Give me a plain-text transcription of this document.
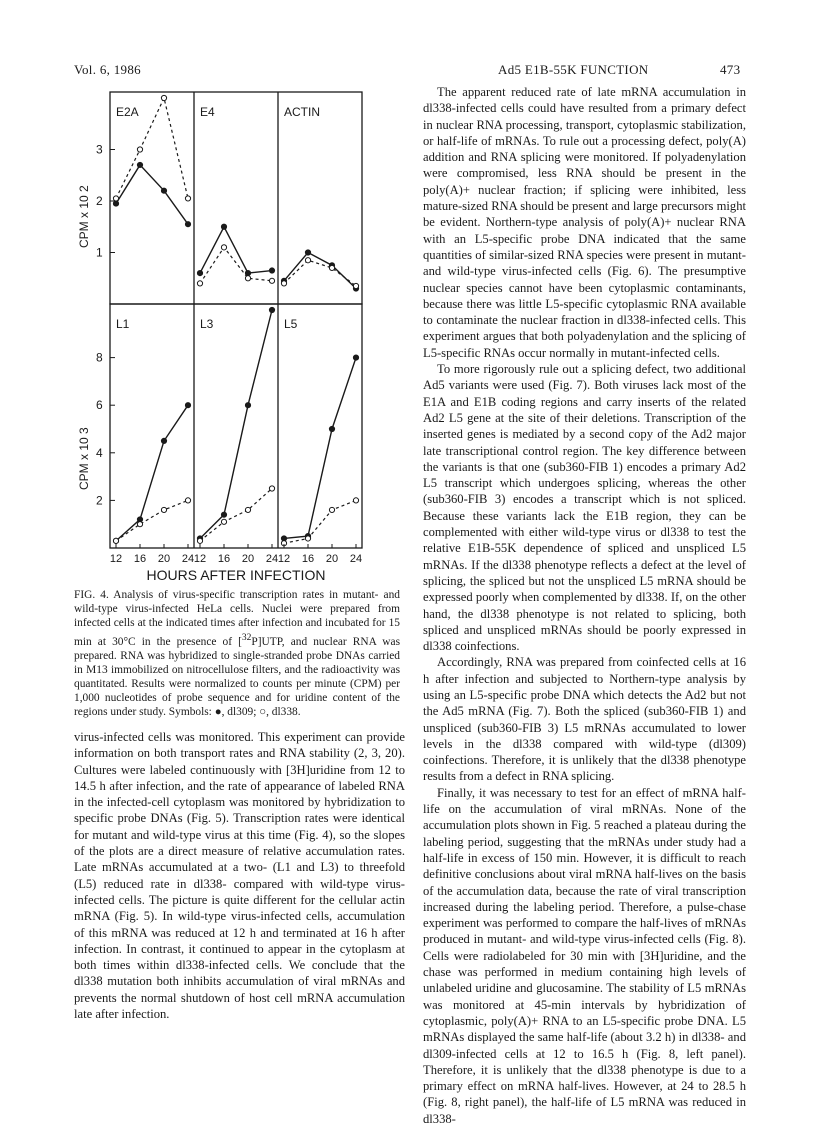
Vol. 6, 1986	Ad5 E1B-55K FUNCTION	473
E2A	E4	ACTIN
L1	L3	L5
1
2
3
2
4
6
8
CPM x 10 2
CPM x 10 3
12 16 20 24 12 16 20 24 12 16 20 24
HOURS AFTER INFECTION
FIG. 4. Analysis of virus-specific transcription rates in mutant- and wild-type virus-infected HeLa cells. Nuclei were prepared from infected cells at the indicated times after infection and incubated for 15 min at 30°C in the presence of [$^{32}$P]UTP, and nuclear RNA was prepared. RNA was hybridized to single-stranded probe DNAs carried in M13 immobilized on nitrocellulose filters, and the radioactivity was quantitated. Results were normalized to counts per minute (CPM) per 1,000 nucleotides of probe sequence and for uridine content of the regions under study. Symbols: ●, dl309; ○, dl338.

virus-infected cells was monitored. This experiment can provide information on both transport rates and RNA stability (2, 3, 20). Cultures were labeled continuously with [3H]uridine from 12 to 14.5 h after infection, and the rate of appearance of labeled RNA in the infected-cell cytoplasm was monitored by hybridization to specific probe DNAs (Fig. 5). Transcription rates were identical for mutant and wild-type virus at this time (Fig. 4), so the slopes of the plots are a direct measure of relative accumulation rates. Late mRNAs accumulated at a two- (L1 and L3) to threefold (L5) reduced rate in dl338- compared with wild-type virus-infected cells. The picture is quite different for the cellular actin mRNA (Fig. 5). In wild-type virus-infected cells, accumulation of this mRNA was reduced at 12 h and terminated at 16 h after infection. In contrast, it continued to appear in the cytoplasm at both times within dl338-infected cells. We conclude that the dl338 mutation both inhibits accumulation of viral mRNAs and prevents the normal shutdown of host cell mRNA accumulation late after infection.

The apparent reduced rate of late mRNA accumulation in dl338-infected cells could have resulted from a primary defect in nuclear RNA processing, transport, cytoplasmic stabilization, or half-life of mRNAs. To rule out a processing defect, poly(A) addition and RNA splicing were monitored. If polyadenylation were compromised, less RNA should be present in the poly(A)+ nuclear fraction; if splicing were inhibited, less mature-sized RNA should be present and large precursors might be evident. Northern-type analysis of poly(A)+ nuclear RNA with an L5-specific probe DNA indicated that the same quantities of similar-sized RNA species were present in mutant- and wild-type virus-infected cells (Fig. 6). The presumptive nuclear species cannot have been cytoplasmic contaminants, because there was little L5-specific cytoplasmic RNA available to contaminate the nuclear fraction in dl338-infected cells. This experiment argues that both polyadenylation and the splicing of L5-specific RNAs occur normally in mutant-infected cells.

To more rigorously rule out a splicing defect, two additional Ad5 variants were used (Fig. 7). Both viruses lack most of the E1A and E1B coding regions and carry inserts of the related Ad2 L5 gene at the site of their deletions. Transcription of the inserted genes is mediated by a second copy of the Ad2 major late transcriptional control region. The key difference between the variants is that one (sub360-FIB 1) encodes a primary Ad2 L5 transcript which undergoes splicing, whereas the other (sub360-FIB 3) encodes a transcript which is not spliced. Because these variants lack the E1B region, they can be complemented with either wild-type virus or dl338 to test the relative E1B-55K dependence of spliced and unspliced L5 mRNAs. If the dl338 phenotype reflects a defect at the level of splicing, the spliced but not the unspliced L5 mRNA should be expressed poorly when complemented by dl338. If, on the other hand, the dl338 phenotype is not related to splicing, both spliced and unspliced mRNAs should be poorly expressed in dl338 coinfections.

Accordingly, RNA was prepared from coinfected cells at 16 h after infection and subjected to Northern-type analysis by using an L5-specific probe DNA which detects the Ad2 but not the Ad5 mRNA (Fig. 7). Both the spliced (sub360-FIB 1) and unspliced (sub360-FIB 3) L5 mRNAs accumulated to lower levels in the dl338 compared with wild-type (dl309) coinfections. Therefore, it is unlikely that the dl338 phenotype results from a defect in RNA splicing.

Finally, it was necessary to test for an effect of mRNA half-life on the accumulation of viral mRNAs. None of the accumulation plots shown in Fig. 5 reached a plateau during the labeling period, suggesting that the mRNAs under study had a half-life in excess of 150 min. However, it is difficult to reach definitive conclusions about viral mRNA half-lives on the basis of the accumulation data, because the rate of viral transcription increased during the labeling period. Therefore, a pulse-chase experiment was performed to compare the half-lives of mRNAs produced in mutant- and wild-type virus-infected cells (Fig. 8). Cells were radiolabeled for 30 min with [3H]uridine, and the chase was performed in medium containing high levels of unlabeled uridine and glucosamine. The stability of L5 mRNAs was monitored at 45-min intervals by hybridization of cytoplasmic, poly(A)+ RNA to an L5-specific probe DNA. L5 mRNAs displayed the same half-life (about 3.2 h) in dl338- and dl309-infected cells at 12 to 16.5 h (Fig. 8, left panel). Therefore, it is unlikely that the dl338 phenotype is due to a primary effect on mRNA half-lives. However, at 24 to 28.5 h (Fig. 8, right panel), the half-life of L5 mRNA was reduced in dl338-
